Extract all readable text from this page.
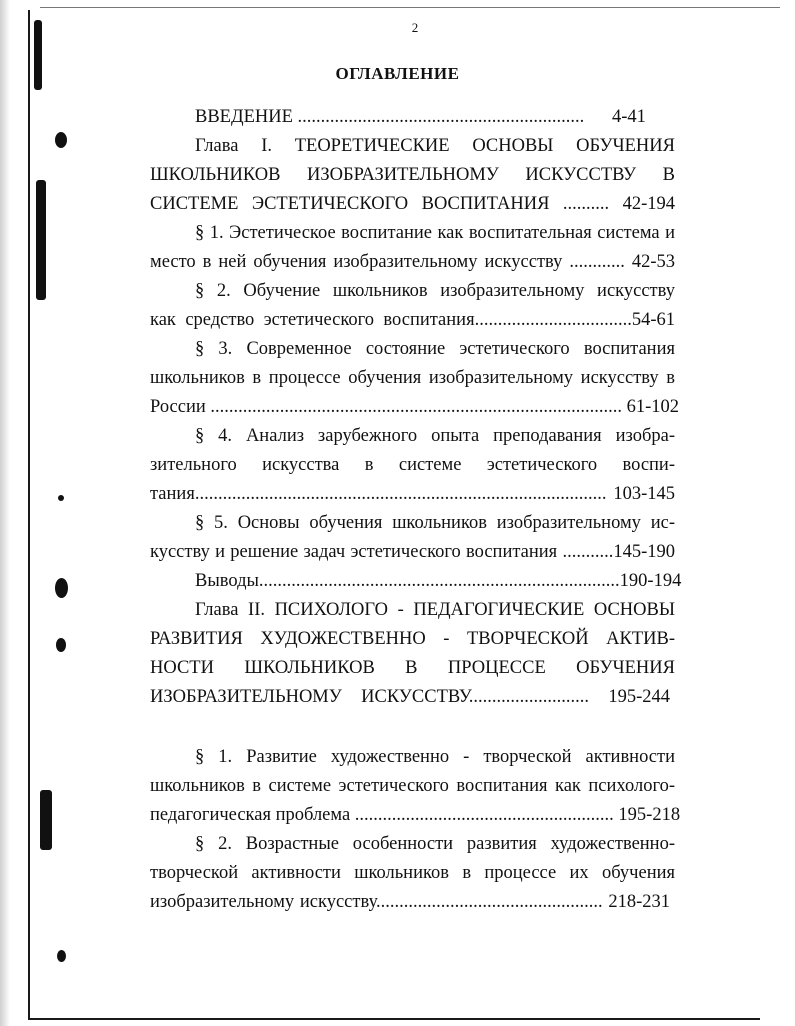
2
ОГЛАВЛЕНИЕ
ВВЕДЕНИЕ .............................................................. 4-41
Глава I. ТЕОРЕТИЧЕСКИЕ ОСНОВЫ ОБУЧЕНИЯ
ШКОЛЬНИКОВ ИЗОБРАЗИТЕЛЬНОМУ ИСКУССТВУ В
СИСТЕМЕ ЭСТЕТИЧЕСКОГО ВОСПИТАНИЯ .......... 42-194
§ 1. Эстетическое воспитание как воспитательная система и
место в ней обучения изобразительному искусству ............ 42-53
§ 2. Обучение школьников изобразительному искусству
как средство эстетического воспитания..................................54-61
§ 3. Современное состояние эстетического воспитания
школьников в процессе обучения изобразительному искусству в
России ......................................................................................... 61-102
§ 4. Анализ зарубежного опыта преподавания изобра-
зительного искусства в системе эстетического воспи-
тания......................................................................................... 103-145
§ 5. Основы обучения школьников изобразительному ис-
кусству и решение задач эстетического воспитания ...........145-190
Выводы..............................................................................190-194
Глава II. ПСИХОЛОГО - ПЕДАГОГИЧЕСКИЕ ОСНОВЫ
РАЗВИТИЯ ХУДОЖЕСТВЕННО - ТВОРЧЕСКОЙ АКТИВ-
НОСТИ ШКОЛЬНИКОВ В ПРОЦЕССЕ ОБУЧЕНИЯ
ИЗОБРАЗИТЕЛЬНОМУ ИСКУССТВУ.......................... 195-244
§ 1. Развитие художественно - творческой активности
школьников в системе эстетического воспитания как психолого-
педагогическая проблема ........................................................ 195-218
§ 2. Возрастные особенности развития художественно-
творческой активности школьников в процессе их обучения
изобразительному искусству................................................. 218-231
